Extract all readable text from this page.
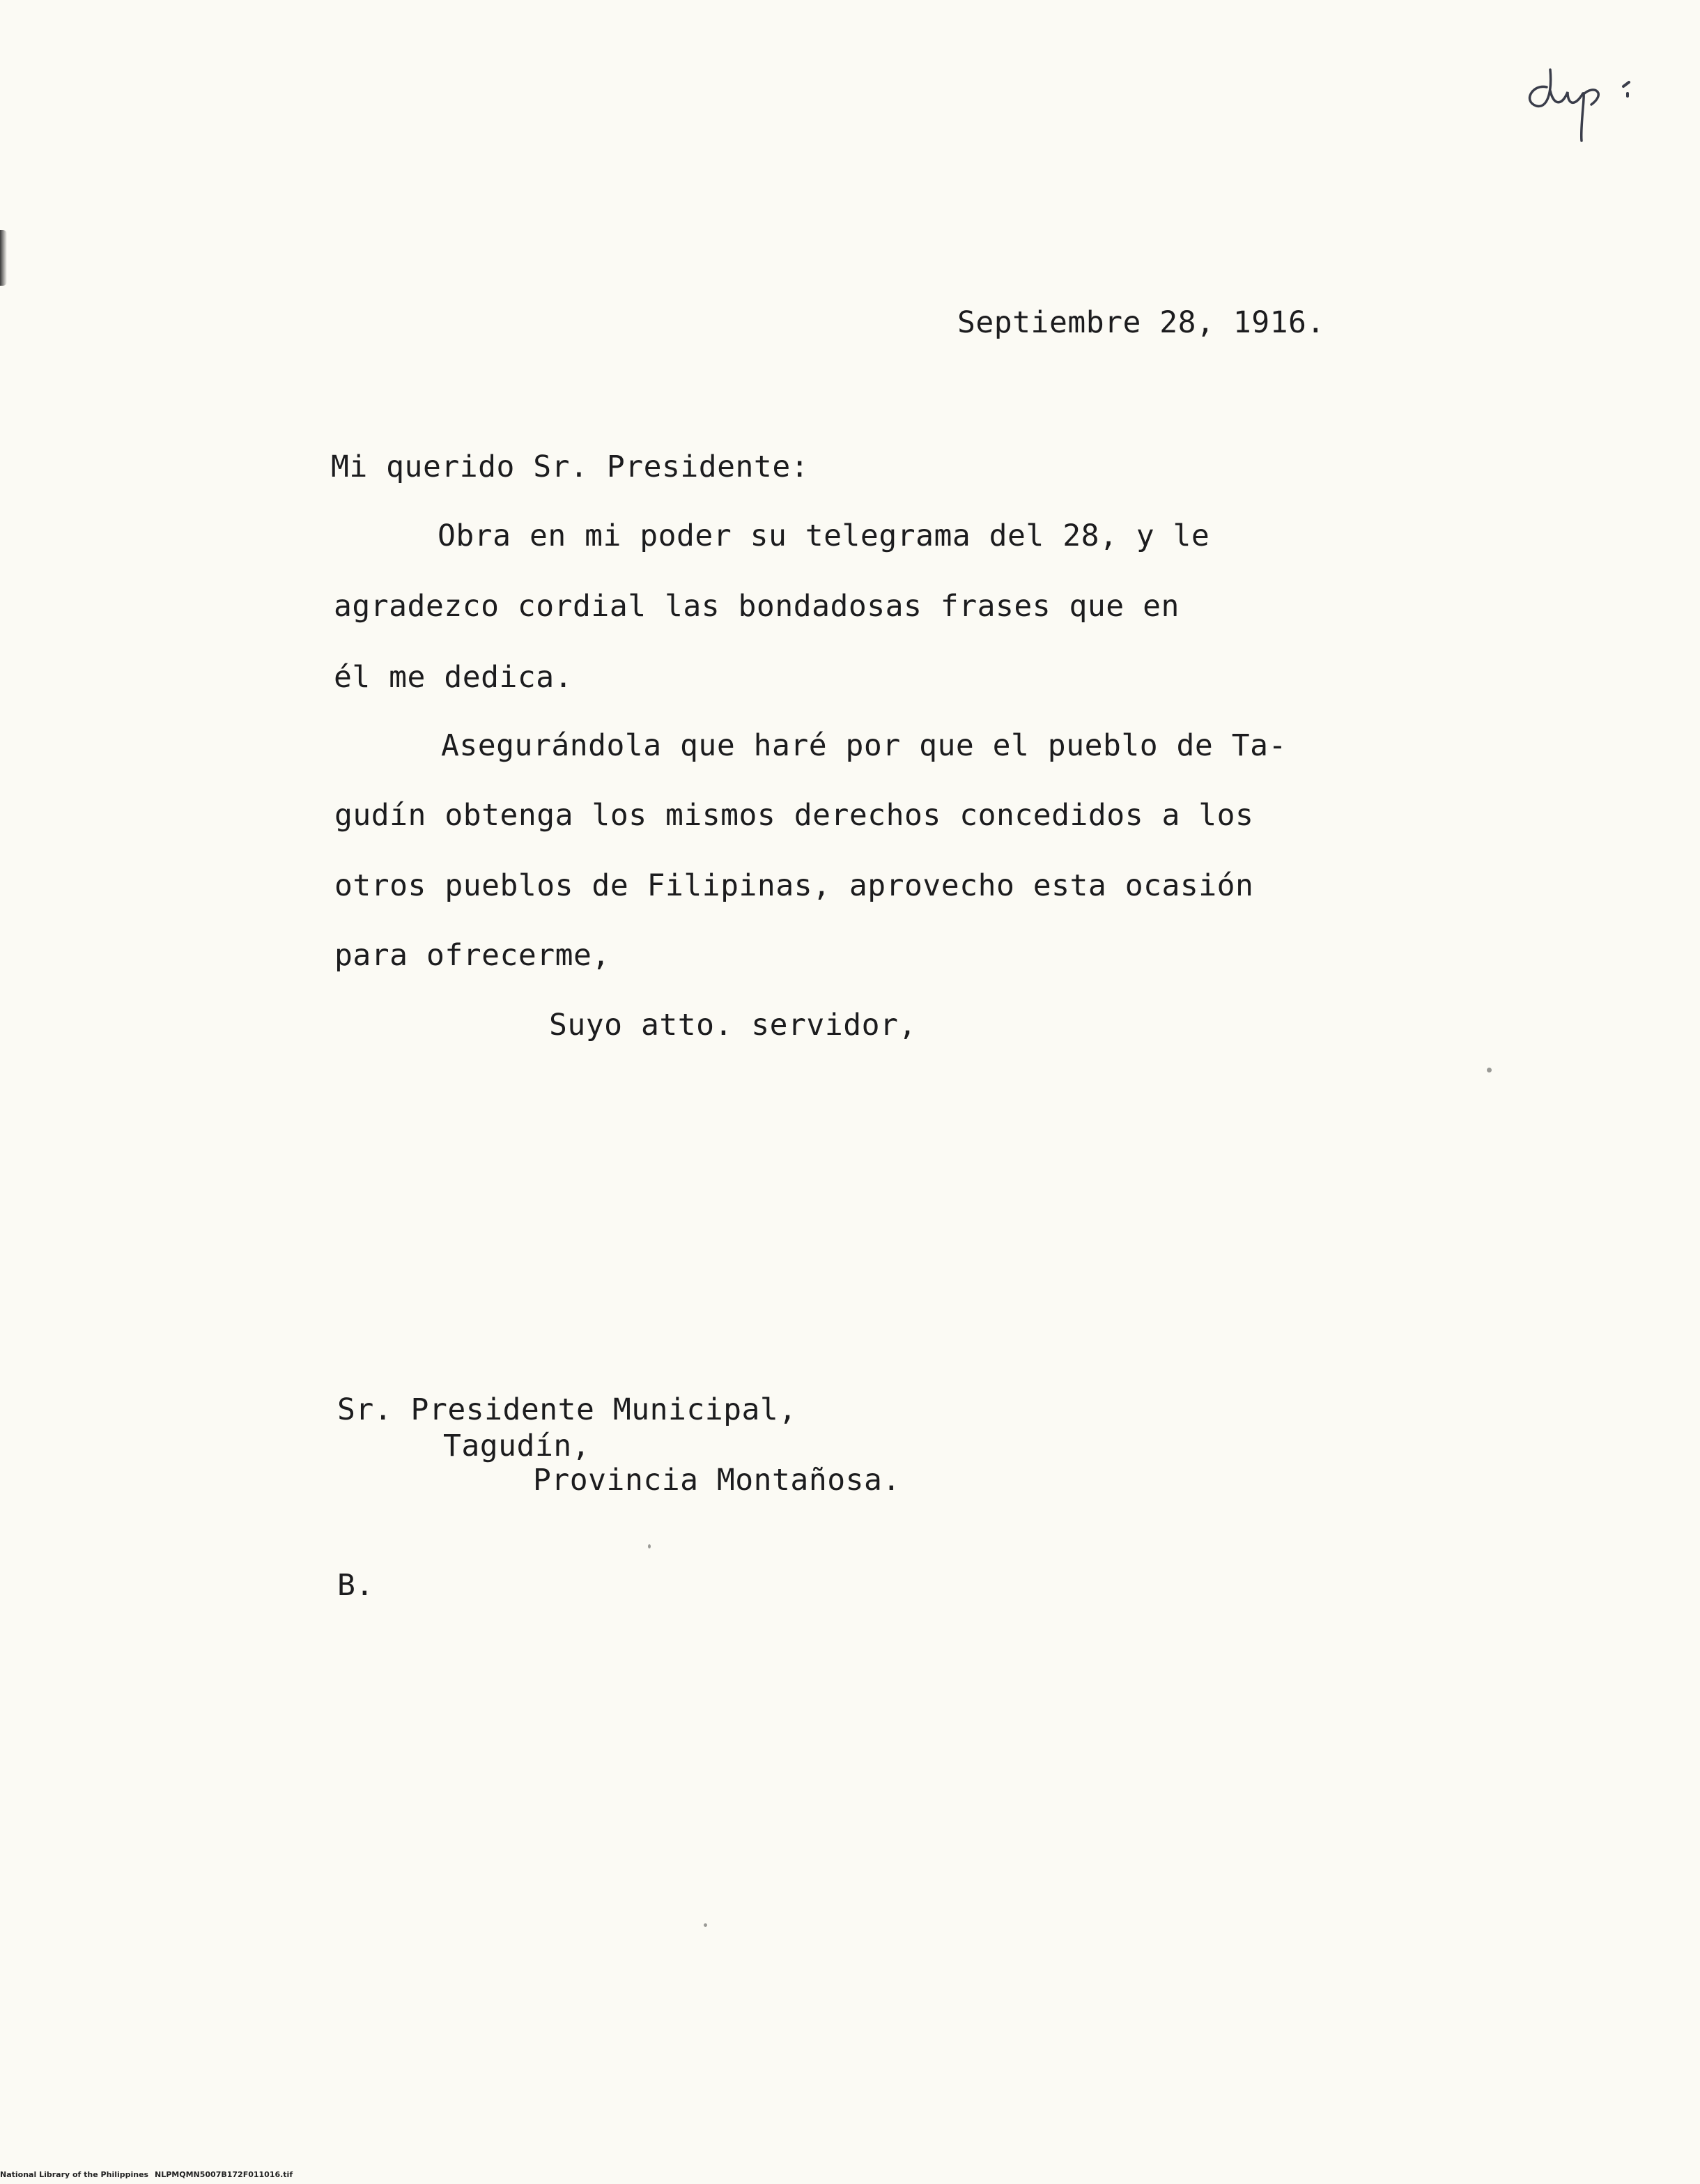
Septiembre 28, 1916.
Mi querido Sr. Presidente:
Obra en mi poder su telegrama del 28, y le
agradezco cordial las bondadosas frases que en
él me dedica.
Asegurándola que haré por que el pueblo de Ta-
gudín obtenga los mismos derechos concedidos a los
otros pueblos de Filipinas, aprovecho esta ocasión
para ofrecerme,
Suyo atto. servidor,
Sr. Presidente Municipal,
Tagudín,
Provincia Montañosa.
B.
National Library of the Philippines NLPMQMN5007B172F011016.tif
